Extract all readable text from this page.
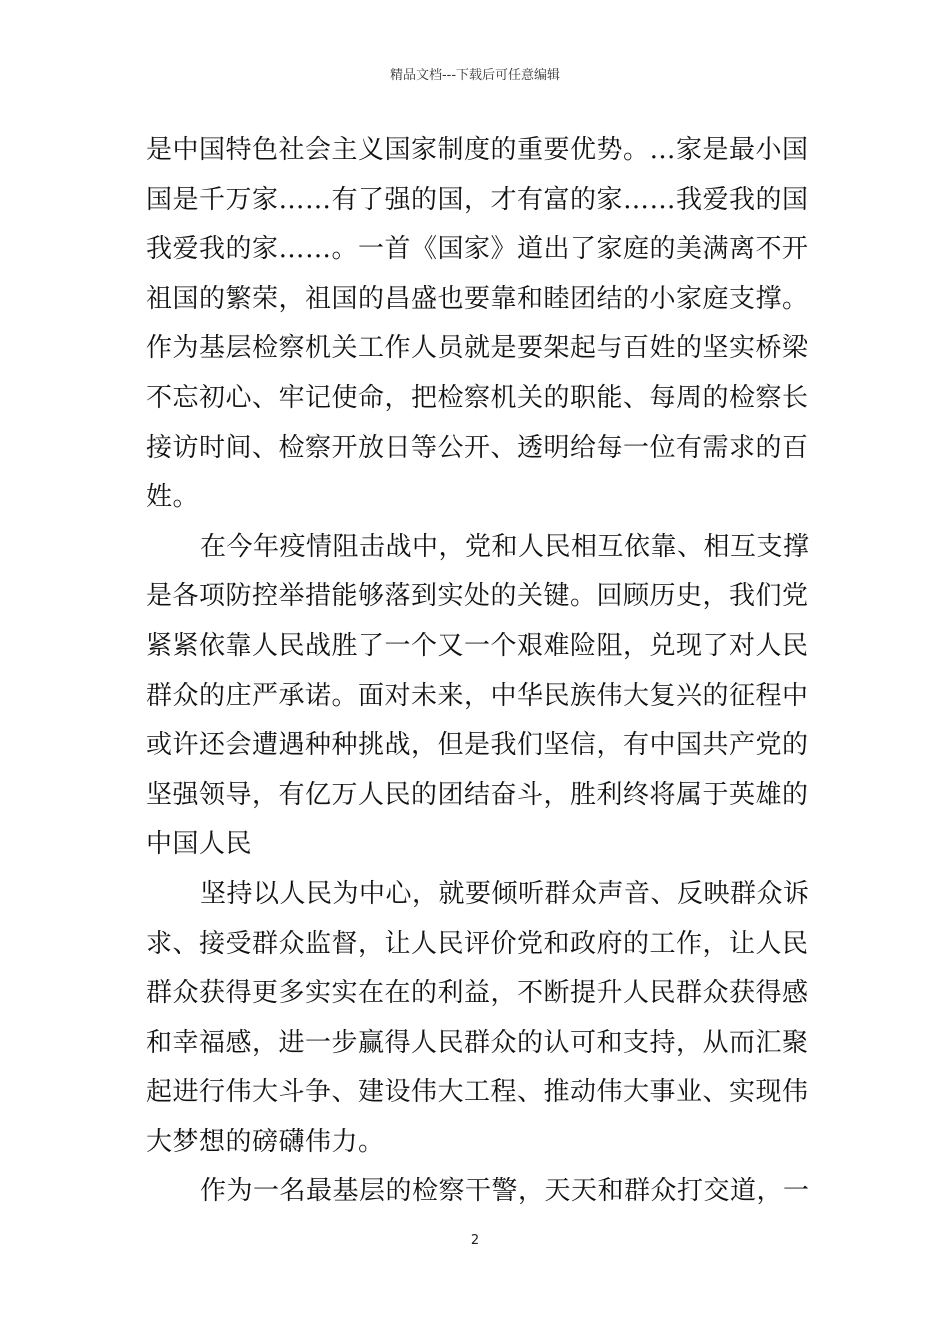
精品文档---下载后可任意编辑
是中国特色社会主义国家制度的重要优势。…家是最小国
国是千万家……有了强的国，才有富的家……我爱我的国
我爱我的家……。一首《国家》道出了家庭的美满离不开
祖国的繁荣，祖国的昌盛也要靠和睦团结的小家庭支撑。
作为基层检察机关工作人员就是要架起与百姓的坚实桥梁
不忘初心、牢记使命，把检察机关的职能、每周的检察长
接访时间、检察开放日等公开、透明给每一位有需求的百
姓。
在今年疫情阻击战中，党和人民相互依靠、相互支撑
是各项防控举措能够落到实处的关键。回顾历史，我们党
紧紧依靠人民战胜了一个又一个艰难险阻，兑现了对人民
群众的庄严承诺。面对未来，中华民族伟大复兴的征程中
或许还会遭遇种种挑战，但是我们坚信，有中国共产党的
坚强领导，有亿万人民的团结奋斗，胜利终将属于英雄的
中国人民
坚持以人民为中心，就要倾听群众声音、反映群众诉
求、接受群众监督，让人民评价党和政府的工作，让人民
群众获得更多实实在在的利益，不断提升人民群众获得感
和幸福感，进一步赢得人民群众的认可和支持，从而汇聚
起进行伟大斗争、建设伟大工程、推动伟大事业、实现伟
大梦想的磅礴伟力。
作为一名最基层的检察干警，天天和群众打交道，一
2
